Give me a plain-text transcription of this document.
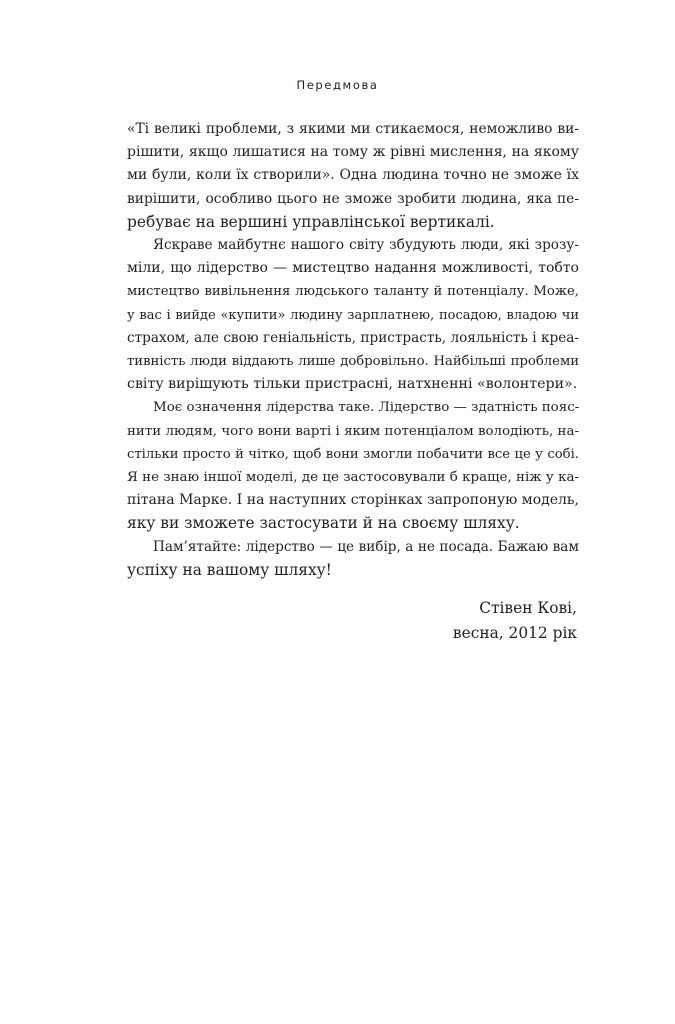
Передмова
«Ті великі проблеми, з якими ми стикаємося, неможливо ви-
рішити, якщо лишатися на тому ж рівні мислення, на якому
ми були, коли їх створили». Одна людина точно не зможе їх
вирішити, особливо цього не зможе зробити людина, яка пе-
ребуває на вершині управлінської вертикалі.
Яскраве майбутнє нашого світу збудують люди, які зрозу-
міли, що лідерство — мистецтво надання можливості, тобто
мистецтво вивільнення людського таланту й потенціалу. Може,
у вас і вийде «купити» людину зарплатнею, посадою, владою чи
страхом, але свою геніальність, пристрасть, лояльність і креа-
тивність люди віддають лише добровільно. Найбільші проблеми
світу вирішують тільки пристрасні, натхненні «волонтери».
Моє означення лідерства таке. Лідерство — здатність пояс-
нити людям, чого вони варті і яким потенціалом володіють, на-
стільки просто й чітко, щоб вони змогли побачити все це у собі.
Я не знаю іншої моделі, де це застосовували б краще, ніж у ка-
пітана Марке. І на наступних сторінках запропоную модель,
яку ви зможете застосувати й на своєму шляху.
Пам’ятайте: лідерство — це вибір, а не посада. Бажаю вам
успіху на вашому шляху!
Стівен Кові,
весна, 2012 рік
